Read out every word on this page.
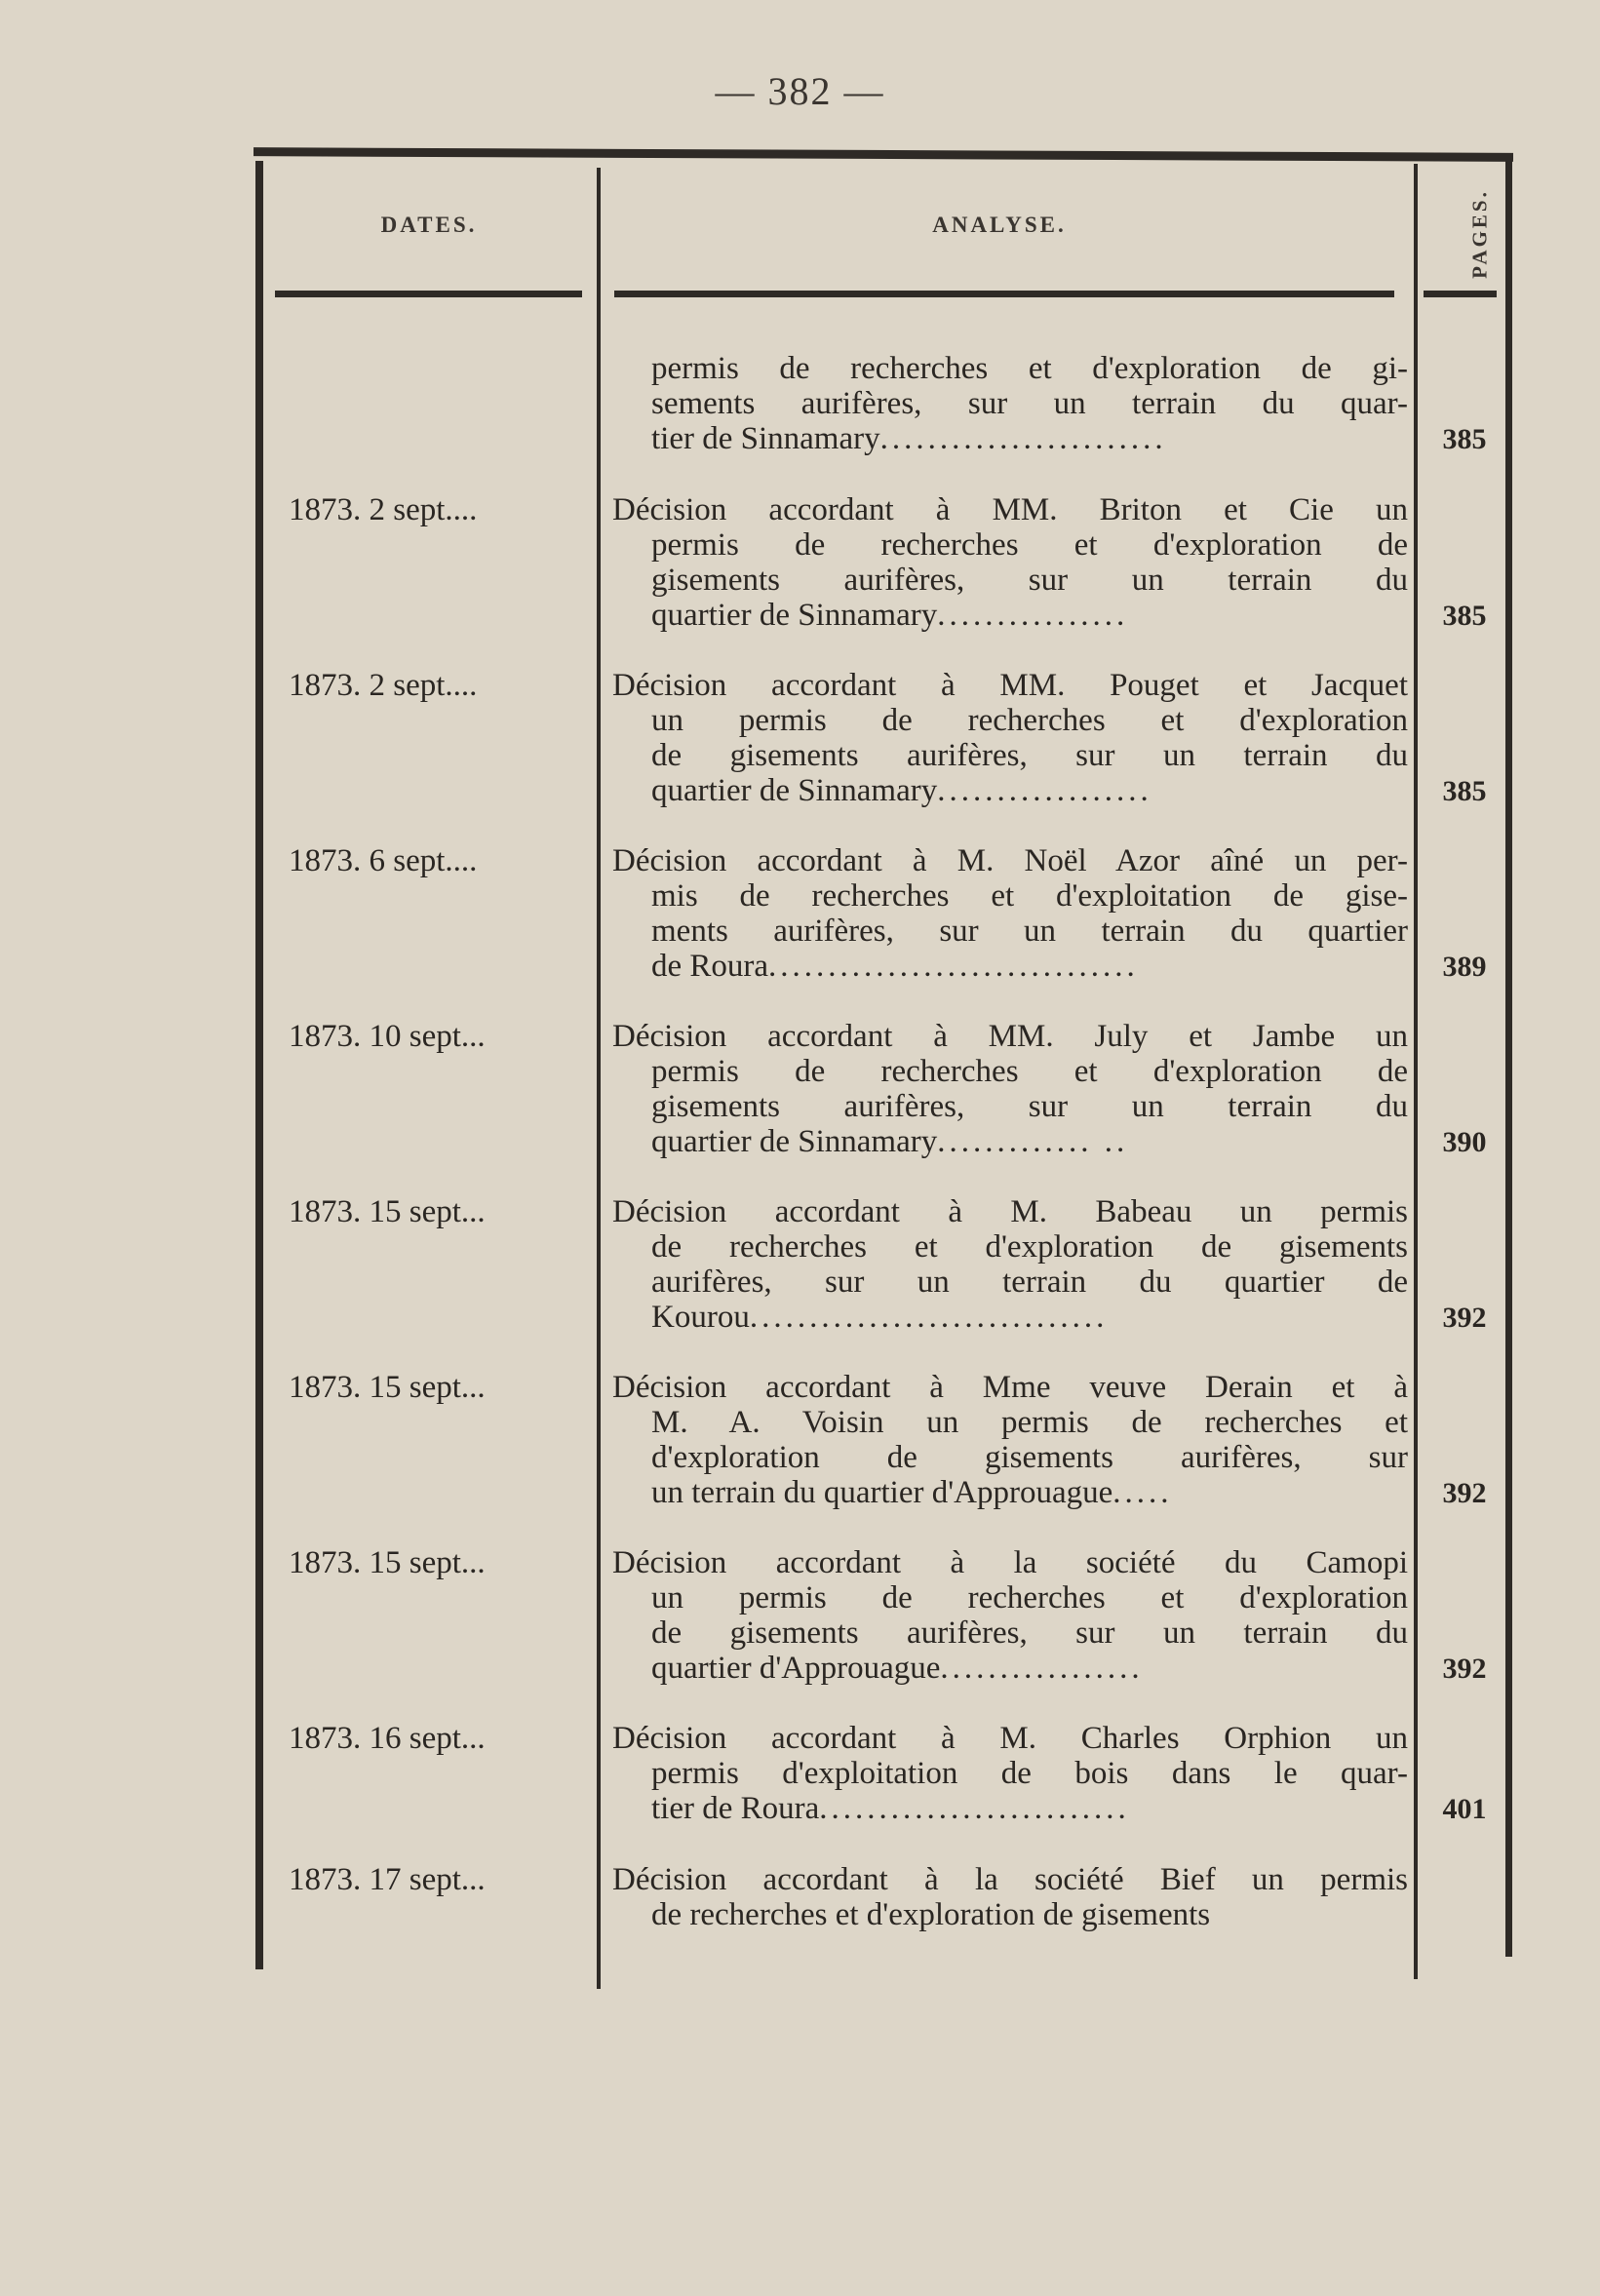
— 382 —
DATES.	ANALYSE.	PAGES.
permis de recherches et d'exploration de gi-
sements aurifères, sur un terrain du quar-
tier de Sinnamary........................	385
1873. 2 sept....	Décision accordant à MM. Briton et Cie un
permis de recherches et d'exploration de
gisements aurifères, sur un terrain du
quartier de Sinnamary................	385
1873. 2 sept....	Décision accordant à MM. Pouget et Jacquet
un permis de recherches et d'exploration
de gisements aurifères, sur un terrain du
quartier de Sinnamary..................	385
1873. 6 sept....	Décision accordant à M. Noël Azor aîné un per-
mis de recherches et d'exploitation de gise-
ments aurifères, sur un terrain du quartier
de Roura...............................	389
1873. 10 sept...	Décision accordant à MM. July et Jambe un
permis de recherches et d'exploration de
gisements aurifères, sur un terrain du
quartier de Sinnamary............. ..	390
1873. 15 sept...	Décision accordant à M. Babeau un permis
de recherches et d'exploration de gisements
aurifères, sur un terrain du quartier de
Kourou..............................	392
1873. 15 sept...	Décision accordant à Mme veuve Derain et à
M. A. Voisin un permis de recherches et
d'exploration de gisements aurifères, sur
un terrain du quartier d'Approuague.....	392
1873. 15 sept...	Décision accordant à la société du Camopi
un permis de recherches et d'exploration
de gisements aurifères, sur un terrain du
quartier d'Approuague.................	392
1873. 16 sept...	Décision accordant à M. Charles Orphion un
permis d'exploitation de bois dans le quar-
tier de Roura..........................	401
1873. 17 sept...	Décision accordant à la société Bief un permis
de recherches et d'exploration de gisements
